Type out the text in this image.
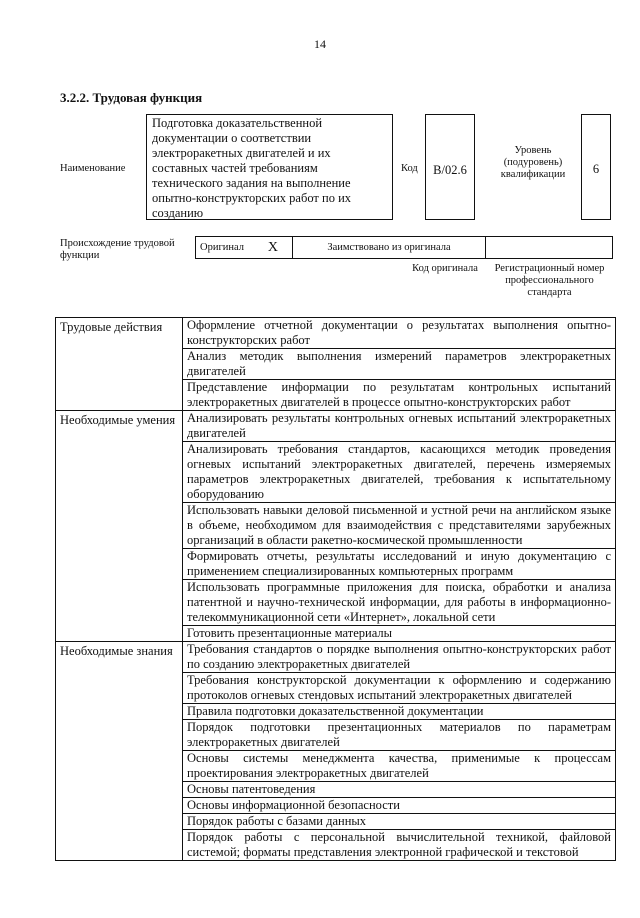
14
3.2.2. Трудовая функция
Наименование
Подготовка доказательственной документации о соответствии электроракетных двигателей и их составных частей требованиям технического задания на выполнение опытно-конструкторских работ по их созданию
Код	В/02.6
Уровень (подуровень) квалификации	6
Происхождение трудовой функции
Оригинал X	Заимствовано из оригинала	
Код оригинала	Регистрационный номер профессионального стандарта
Трудовые действия	Оформление отчетной документации о результатах выполнения опытно-конструкторских работ
	Анализ методик выполнения измерений параметров электроракетных двигателей
	Представление информации по результатам контрольных испытаний электроракетных двигателей в процессе опытно-конструкторских работ
Необходимые умения	Анализировать результаты контрольных огневых испытаний электроракетных двигателей
	Анализировать требования стандартов, касающихся методик проведения огневых испытаний электроракетных двигателей, перечень измеряемых параметров электроракетных двигателей, требования к испытательному оборудованию
	Использовать навыки деловой письменной и устной речи на английском языке в объеме, необходимом для взаимодействия с представителями зарубежных организаций в области ракетно-космической промышленности
	Формировать отчеты, результаты исследований и иную документацию с применением специализированных компьютерных программ
	Использовать программные приложения для поиска, обработки и анализа патентной и научно-технической информации, для работы в информационно-телекоммуникационной сети «Интернет», локальной сети
	Готовить презентационные материалы
Необходимые знания	Требования стандартов о порядке выполнения опытно-конструкторских работ по созданию электроракетных двигателей
	Требования конструкторской документации к оформлению и содержанию протоколов огневых стендовых испытаний электроракетных двигателей
	Правила подготовки доказательственной документации
	Порядок подготовки презентационных материалов по параметрам электроракетных двигателей
	Основы системы менеджмента качества, применимые к процессам проектирования электроракетных двигателей
	Основы патентоведения
	Основы информационной безопасности
	Порядок работы с базами данных
	Порядок работы с персональной вычислительной техникой, файловой системой; форматы представления электронной графической и текстовой
